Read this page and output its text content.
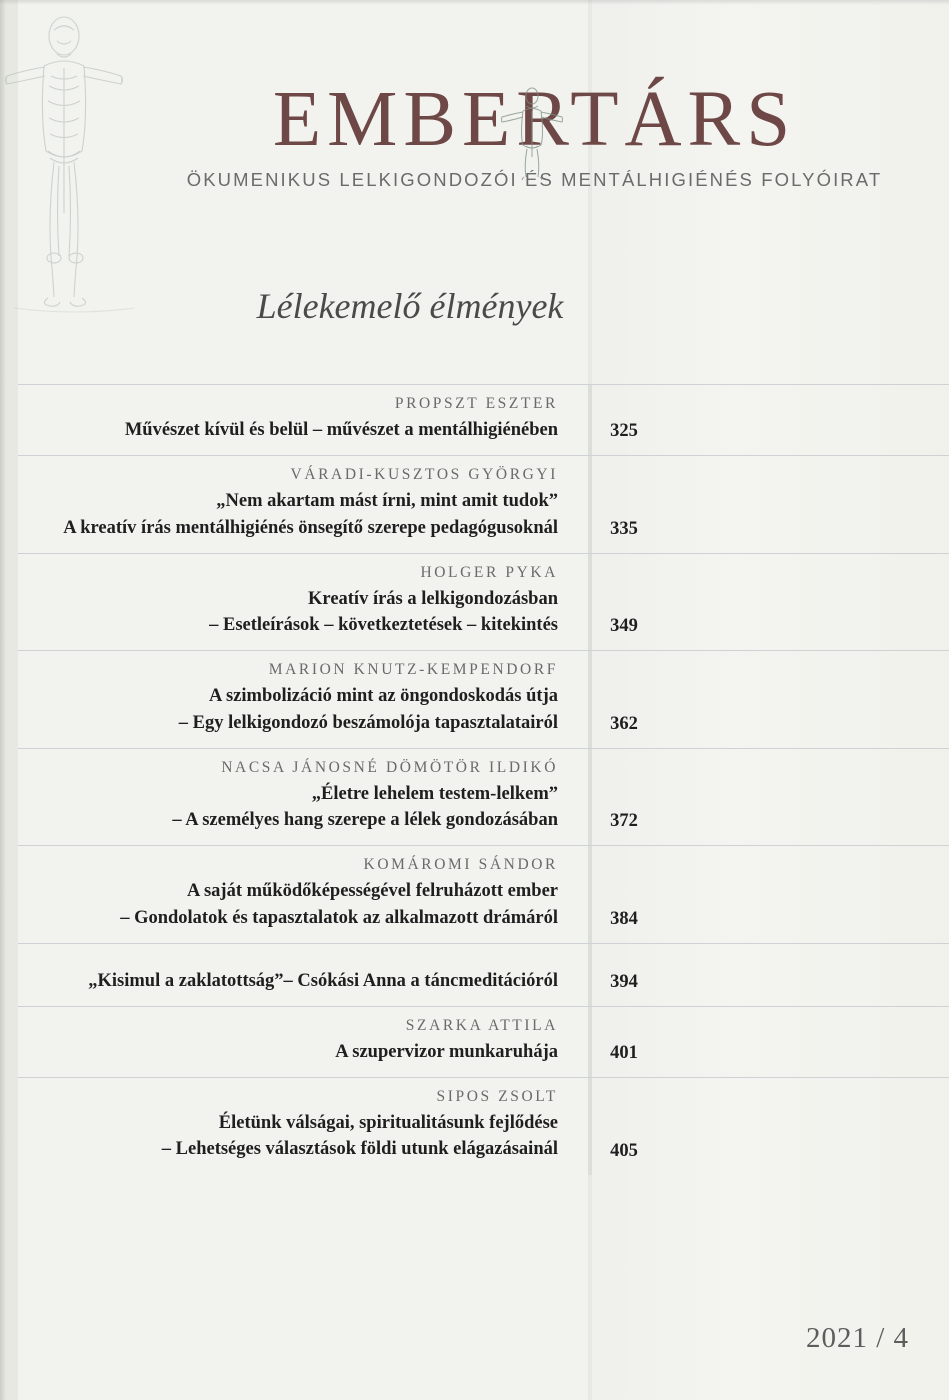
EMBERTÁRS

ÖKUMENIKUS LELKIGONDOZÓI ÉS MENTÁLHIGIÉNÉS FOLYÓIRAT

Lélekemelő élmények
PROPSZT ESZTER
Művészet kívül és belül – művészet a mentálhigiénében	325
VÁRADI-KUSZTOS GYÖRGYI
„Nem akartam mást írni, mint amit tudok”
A kreatív írás mentálhigiénés önsegítő szerepe pedagógusoknál	335
HOLGER PYKA
Kreatív írás a lelkigondozásban
– Esetleírások – következtetések – kitekintés	349
MARION KNUTZ-KEMPENDORF
A szimbolizáció mint az öngondoskodás útja
– Egy lelkigondozó beszámolója tapasztalatairól	362
NACSA JÁNOSNÉ DÖMÖTÖR ILDIKÓ
„Életre lehelem testem-lelkem”
– A személyes hang szerepe a lélek gondozásában	372
KOMÁROMI SÁNDOR
A saját működőképességével felruházott ember
– Gondolatok és tapasztalatok az alkalmazott drámáról	384
„Kisimul a zaklatottság”– Csókási Anna a táncmeditációról	394
SZARKA ATTILA
A szupervizor munkaruhája	401
SIPOS ZSOLT
Életünk válságai, spiritualitásunk fejlődése
– Lehetséges választások földi utunk elágazásainál	405
2021 / 4
